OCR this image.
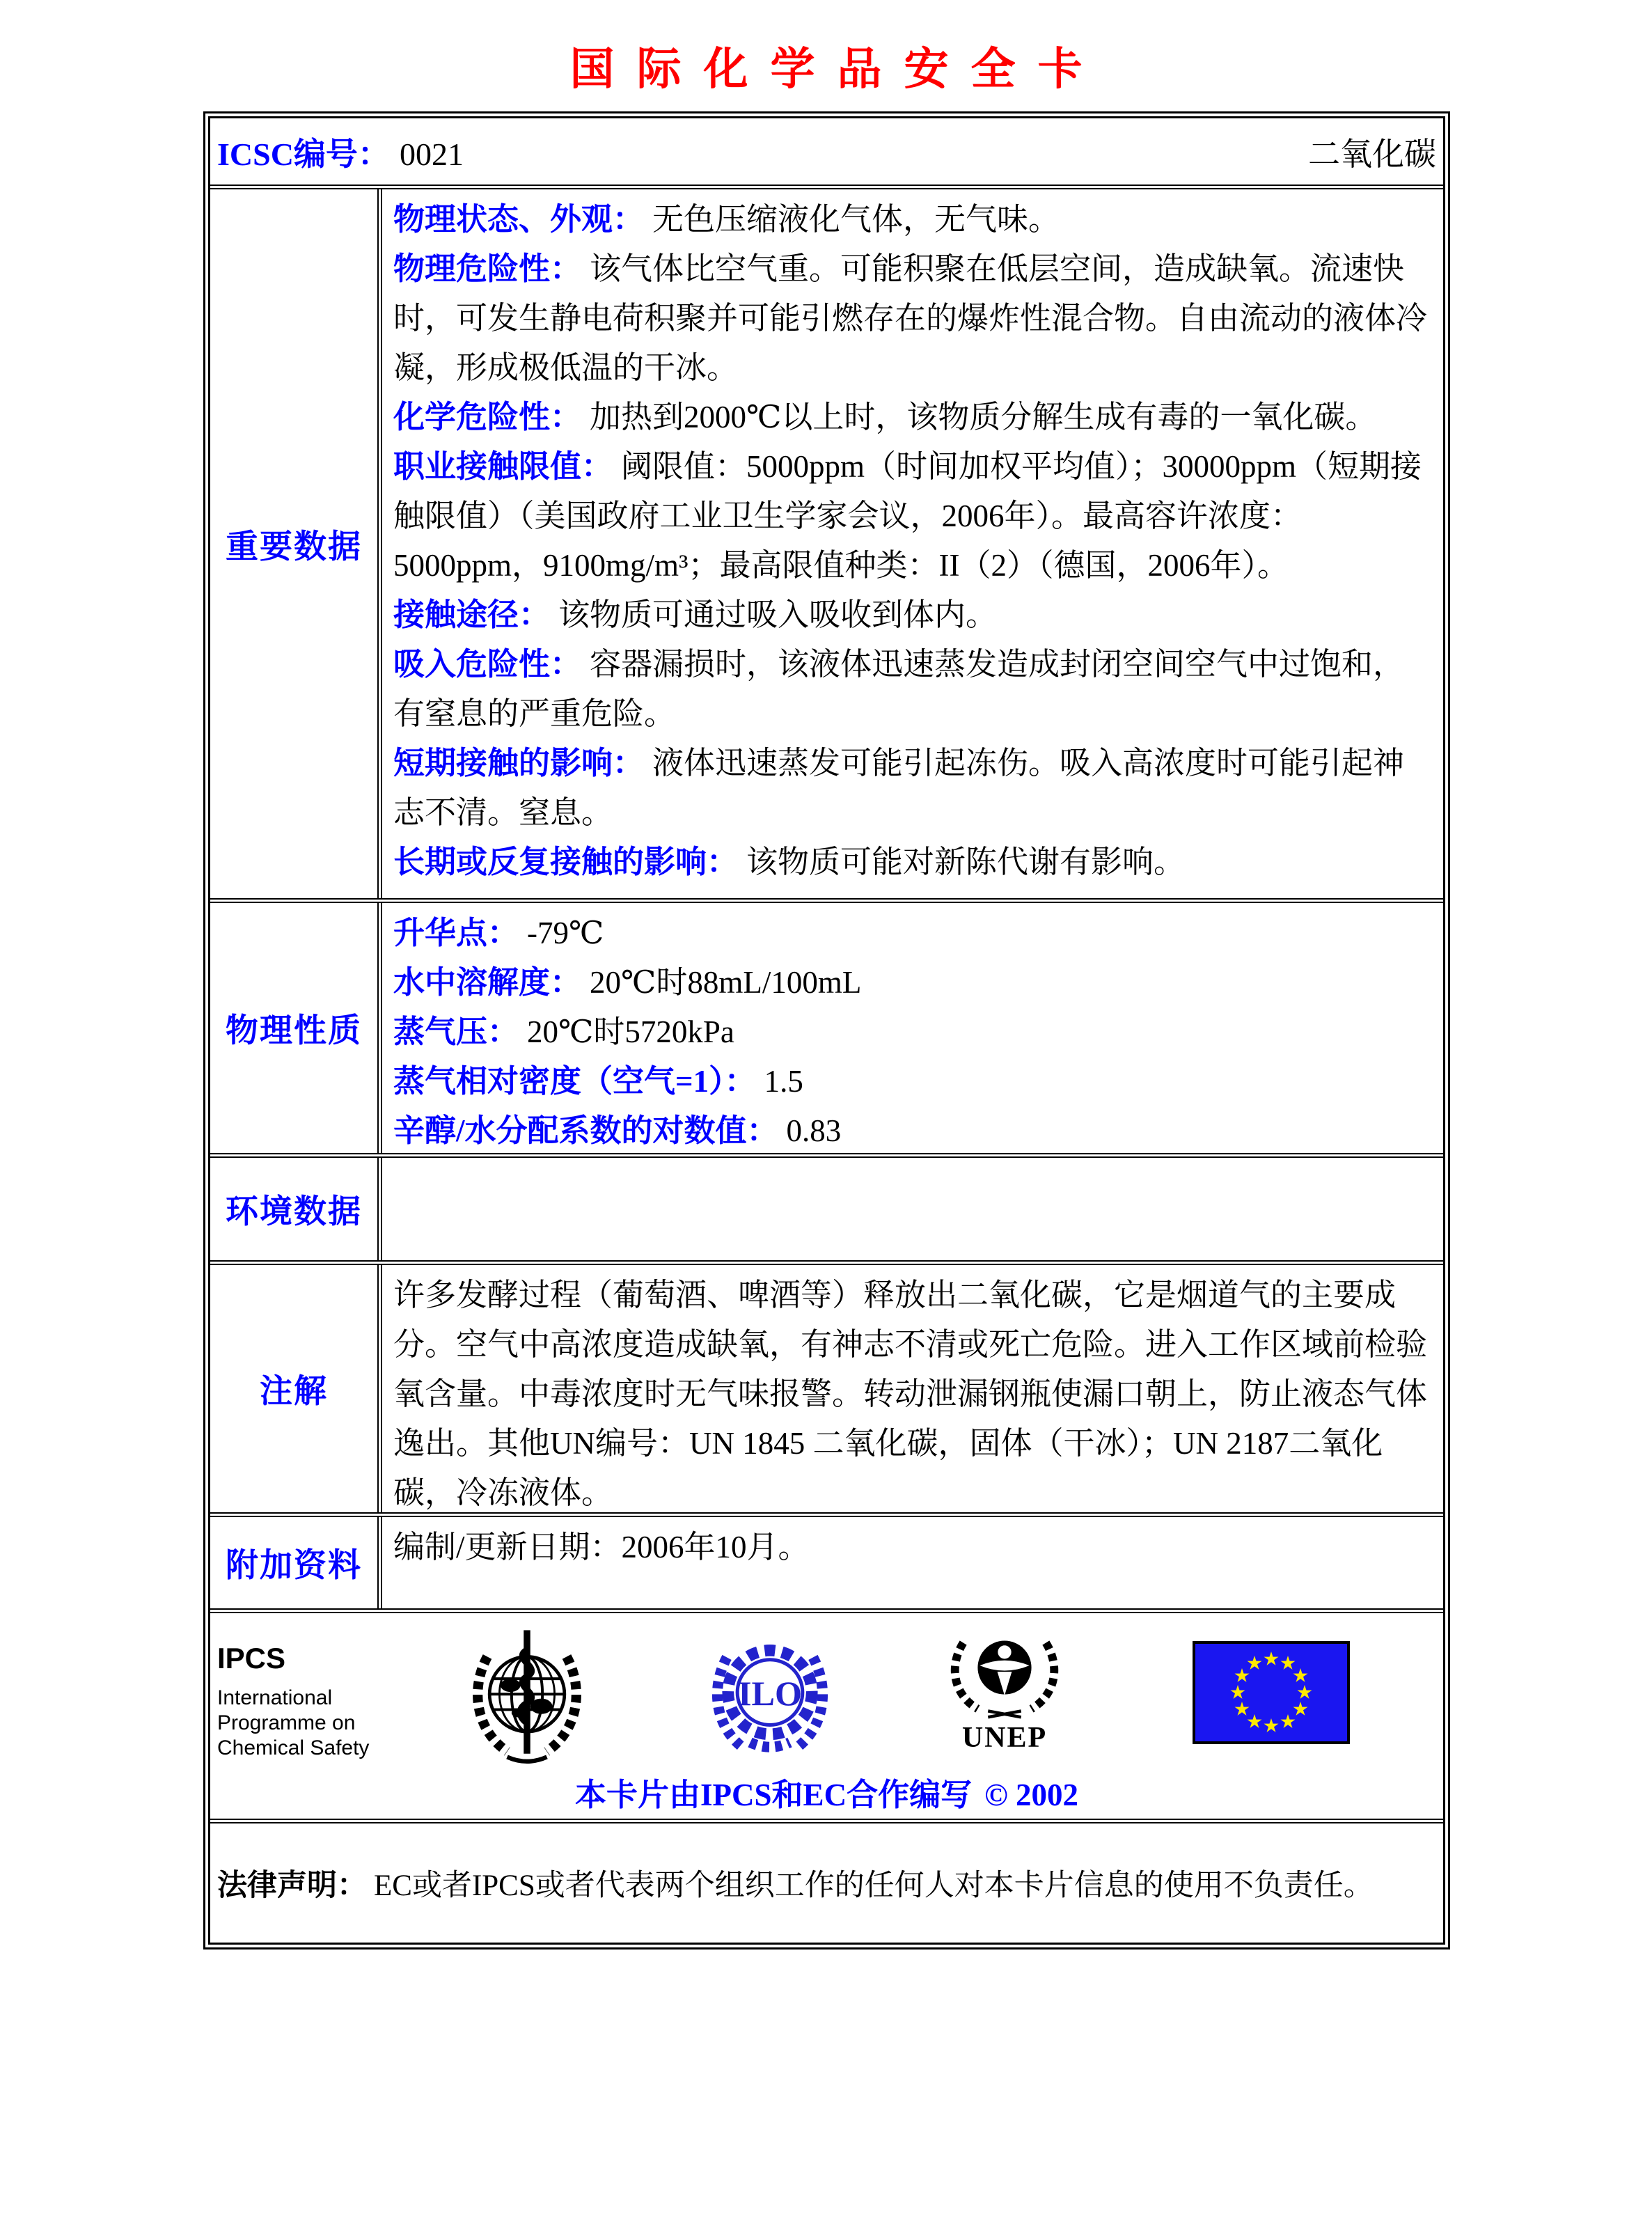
国际化学品安全卡
ICSC编号： 0021	二氧化碳
重要数据
物理状态、外观： 无色压缩液化气体，无气味。
物理危险性： 该气体比空气重。可能积聚在低层空间，造成缺氧。流速快时，可发生静电荷积聚并可能引燃存在的爆炸性混合物。自由流动的液体冷凝，形成极低温的干冰。
化学危险性： 加热到2000℃以上时，该物质分解生成有毒的一氧化碳。
职业接触限值： 阈限值：5000ppm（时间加权平均值）；30000ppm（短期接触限值）（美国政府工业卫生学家会议，2006年）。最高容许浓度：5000ppm，9100mg/m³；最高限值种类：II（2）（德国，2006年）。
接触途径： 该物质可通过吸入吸收到体内。
吸入危险性： 容器漏损时，该液体迅速蒸发造成封闭空间空气中过饱和，有窒息的严重危险。
短期接触的影响： 液体迅速蒸发可能引起冻伤。吸入高浓度时可能引起神志不清。窒息。
长期或反复接触的影响： 该物质可能对新陈代谢有影响。
物理性质
升华点： -79℃
水中溶解度： 20℃时88mL/100mL
蒸气压： 20℃时5720kPa
蒸气相对密度（空气=1）： 1.5
辛醇/水分配系数的对数值： 0.83
环境数据
注解
许多发酵过程（葡萄酒、啤酒等）释放出二氧化碳，它是烟道气的主要成分。空气中高浓度造成缺氧，有神志不清或死亡危险。进入工作区域前检验氧含量。中毒浓度时无气味报警。转动泄漏钢瓶使漏口朝上，防止液态气体逸出。其他UN编号：UN 1845 二氧化碳，固体（干冰）；UN 2187二氧化碳，冷冻液体。
附加资料
编制/更新日期：2006年10月。
IPCS
International
Programme on
Chemical Safety
ILO
UNEP
本卡片由IPCS和EC合作编写 © 2002
法律声明： EC或者IPCS或者代表两个组织工作的任何人对本卡片信息的使用不负责任。
